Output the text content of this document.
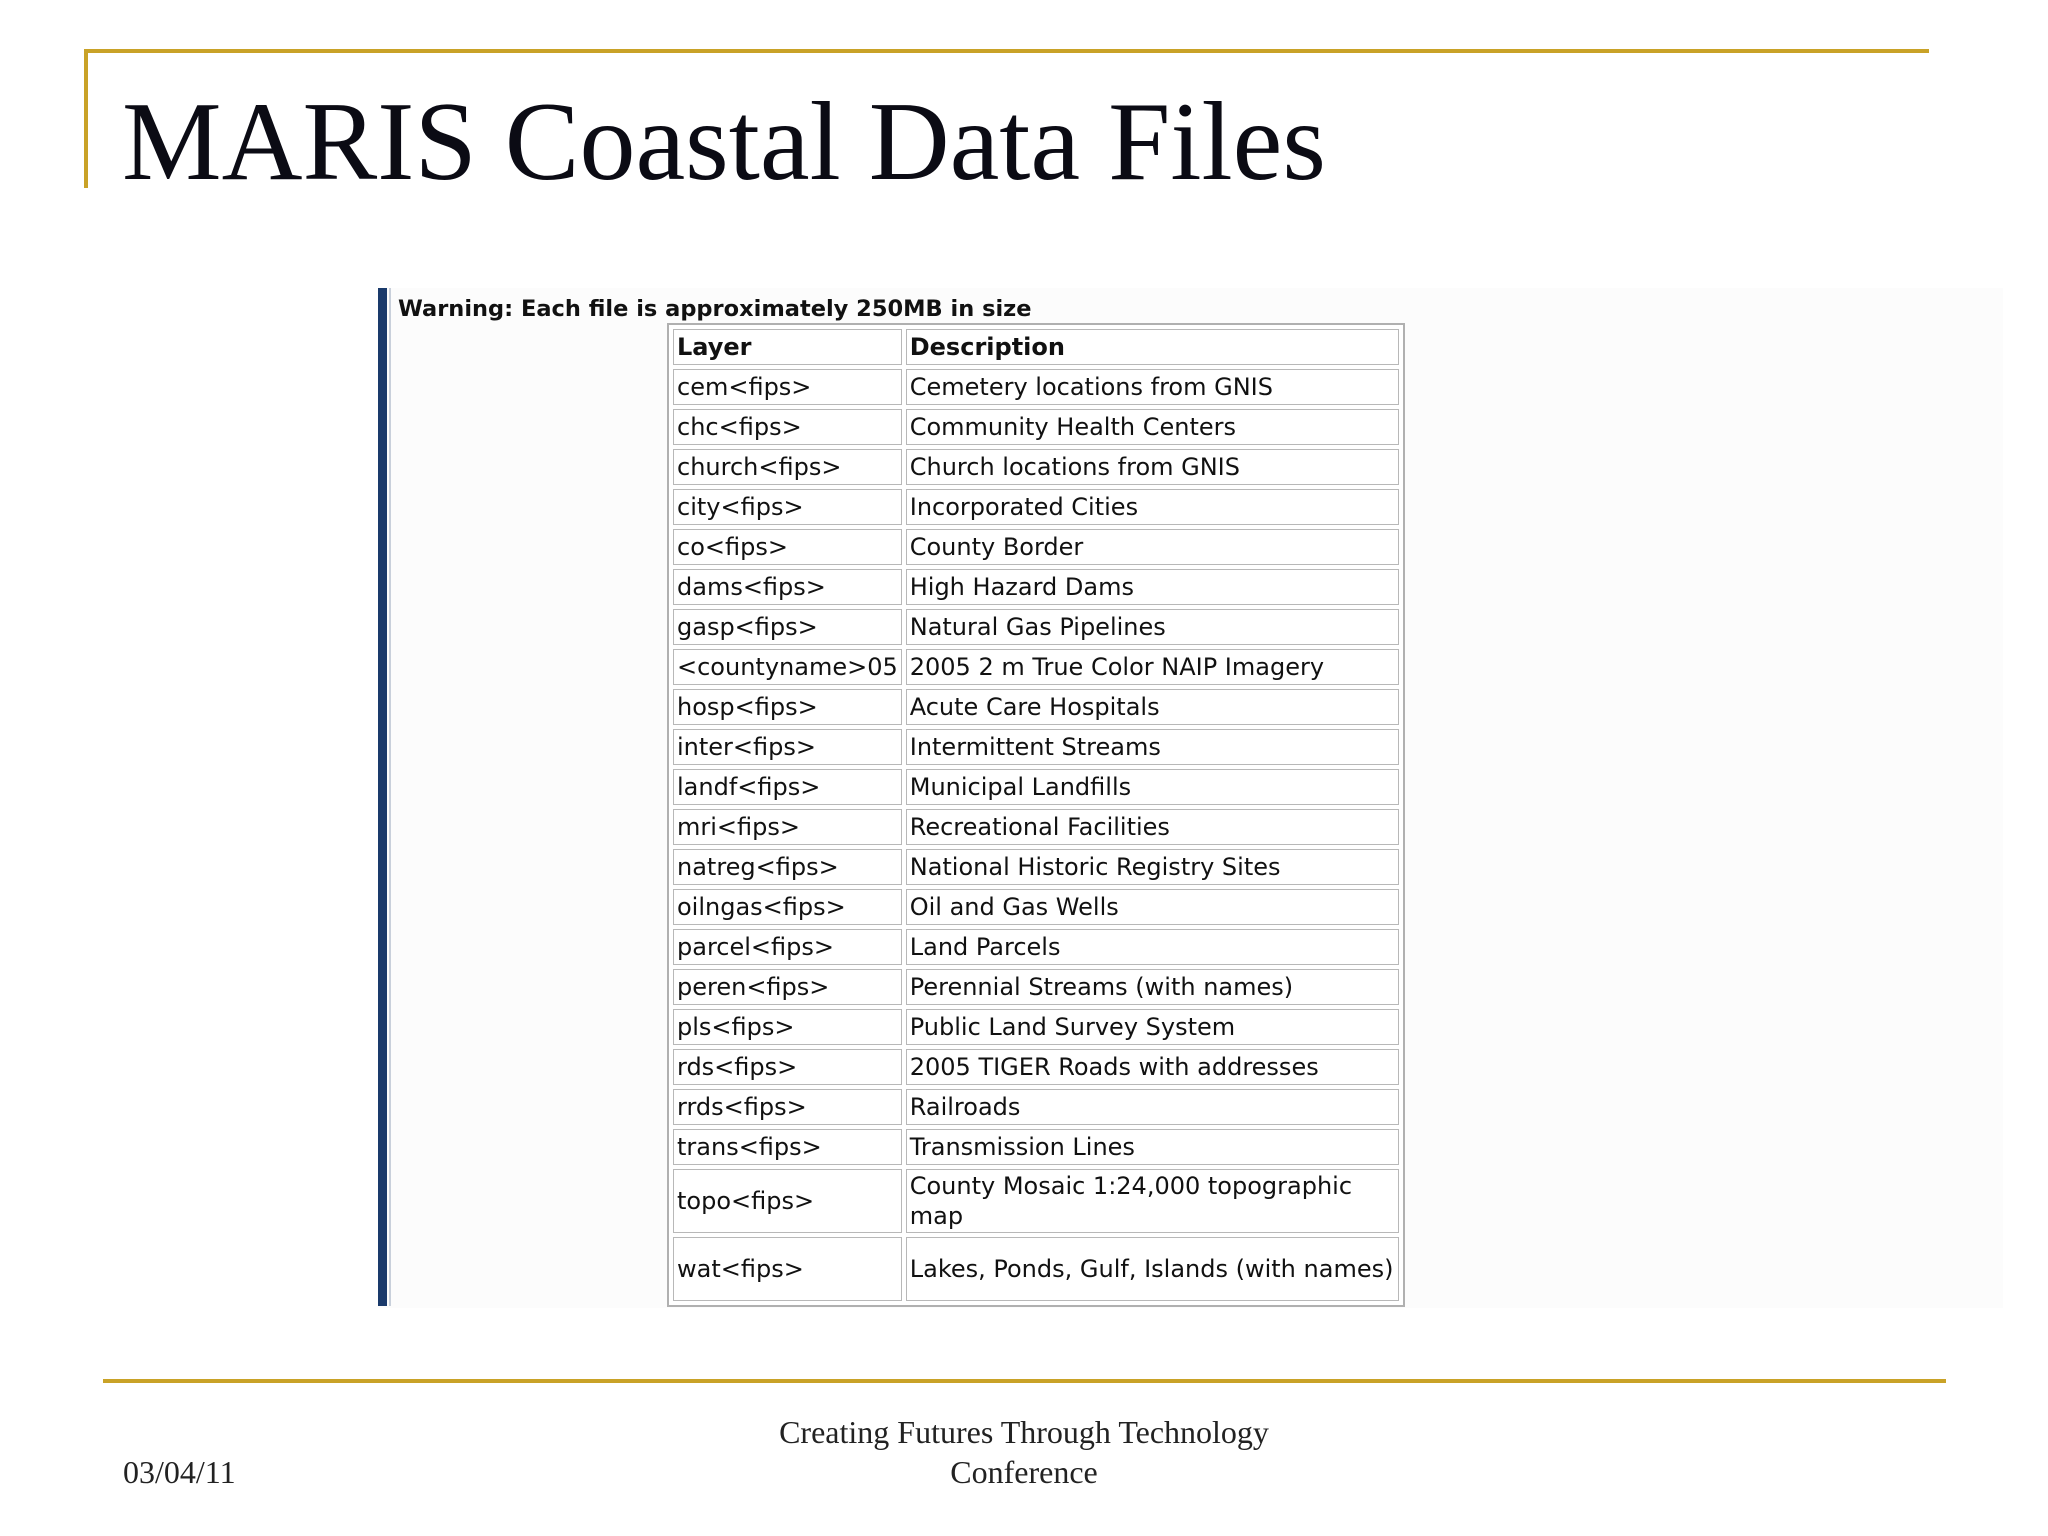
MARIS Coastal Data Files
Warning: Each file is approximately 250MB in size
Layer	Description
cem<fips>	Cemetery locations from GNIS
chc<fips>	Community Health Centers
church<fips>	Church locations from GNIS
city<fips>	Incorporated Cities
co<fips>	County Border
dams<fips>	High Hazard Dams
gasp<fips>	Natural Gas Pipelines
<countyname>05	2005 2 m True Color NAIP Imagery
hosp<fips>	Acute Care Hospitals
inter<fips>	Intermittent Streams
landf<fips>	Municipal Landfills
mri<fips>	Recreational Facilities
natreg<fips>	National Historic Registry Sites
oilngas<fips>	Oil and Gas Wells
parcel<fips>	Land Parcels
peren<fips>	Perennial Streams (with names)
pls<fips>	Public Land Survey System
rds<fips>	2005 TIGER Roads with addresses
rrds<fips>	Railroads
trans<fips>	Transmission Lines
topo<fips>	County Mosaic 1:24,000 topographic map
wat<fips>	Lakes, Ponds, Gulf, Islands (with names)
03/04/11
Creating Futures Through Technology
Conference
